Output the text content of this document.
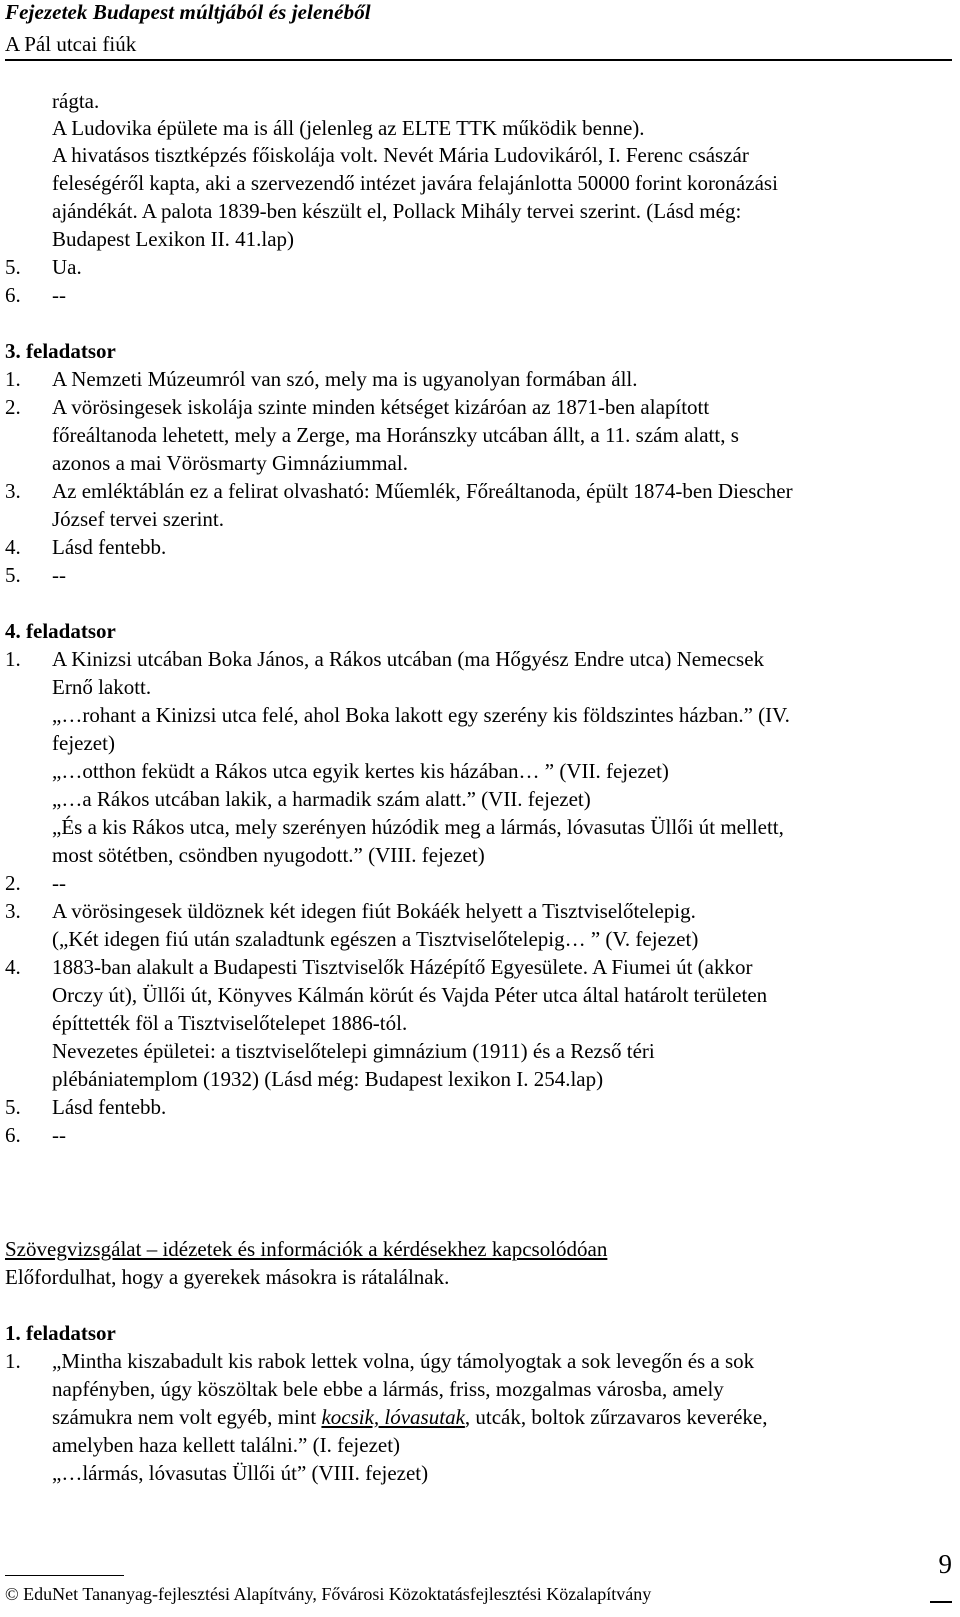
Fejezetek Budapest múltjából és jelenéből
A Pál utcai fiúk
rágta.
A Ludovika épülete ma is áll (jelenleg az ELTE TTK működik benne).
A hivatásos tisztképzés főiskolája volt. Nevét Mária Ludovikáról, I. Ferenc császár
feleségéről kapta, aki a szervezendő intézet javára felajánlotta 50000 forint koronázási
ajándékát. A palota 1839-ben készült el, Pollack Mihály tervei szerint. (Lásd még:
Budapest Lexikon II. 41.lap)
5. Ua.
6. --
3. feladatsor
1. A Nemzeti Múzeumról van szó, mely ma is ugyanolyan formában áll.
2. A vörösingesek iskolája szinte minden kétséget kizáróan az 1871-ben alapított
főreáltanoda lehetett, mely a Zerge, ma Horánszky utcában állt, a 11. szám alatt, s
azonos a mai Vörösmarty Gimnáziummal.
3. Az emléktáblán ez a felirat olvasható: Műemlék, Főreáltanoda, épült 1874-ben Diescher
József tervei szerint.
4. Lásd fentebb.
5. --
4. feladatsor
1. A Kinizsi utcában Boka János, a Rákos utcában (ma Hőgyész Endre utca) Nemecsek
Ernő lakott.
„…rohant a Kinizsi utca felé, ahol Boka lakott egy szerény kis földszintes házban.” (IV.
fejezet)
„…otthon feküdt a Rákos utca egyik kertes kis házában… ” (VII. fejezet)
„…a Rákos utcában lakik, a harmadik szám alatt.” (VII. fejezet)
„És a kis Rákos utca, mely szerényen húzódik meg a lármás, lóvasutas Üllői út mellett,
most sötétben, csöndben nyugodott.” (VIII. fejezet)
2. --
3. A vörösingesek üldöznek két idegen fiút Bokáék helyett a Tisztviselőtelepig.
(„Két idegen fiú után szaladtunk egészen a Tisztviselőtelepig… ” (V. fejezet)
4. 1883-ban alakult a Budapesti Tisztviselők Házépítő Egyesülete. A Fiumei út (akkor
Orczy út), Üllői út, Könyves Kálmán körút és Vajda Péter utca által határolt területen
építtették föl a Tisztviselőtelepet 1886-tól.
Nevezetes épületei: a tisztviselőtelepi gimnázium (1911) és a Rezső téri
plébániatemplom (1932) (Lásd még: Budapest lexikon I. 254.lap)
5. Lásd fentebb.
6. --
Szövegvizsgálat – idézetek és információk a kérdésekhez kapcsolódóan
Előfordulhat, hogy a gyerekek másokra is rátalálnak.
1. feladatsor
1. „Mintha kiszabadult kis rabok lettek volna, úgy támolyogtak a sok levegőn és a sok
napfényben, úgy köszöltak bele ebbe a lármás, friss, mozgalmas városba, amely
számukra nem volt egyéb, mint kocsik, lóvasutak, utcák, boltok zűrzavaros keveréke,
amelyben haza kellett találni.” (I. fejezet)
„…lármás, lóvasutas Üllői út” (VIII. fejezet)
© EduNet Tananyag-fejlesztési Alapítvány, Fővárosi Közoktatásfejlesztési Közalapítvány
9
